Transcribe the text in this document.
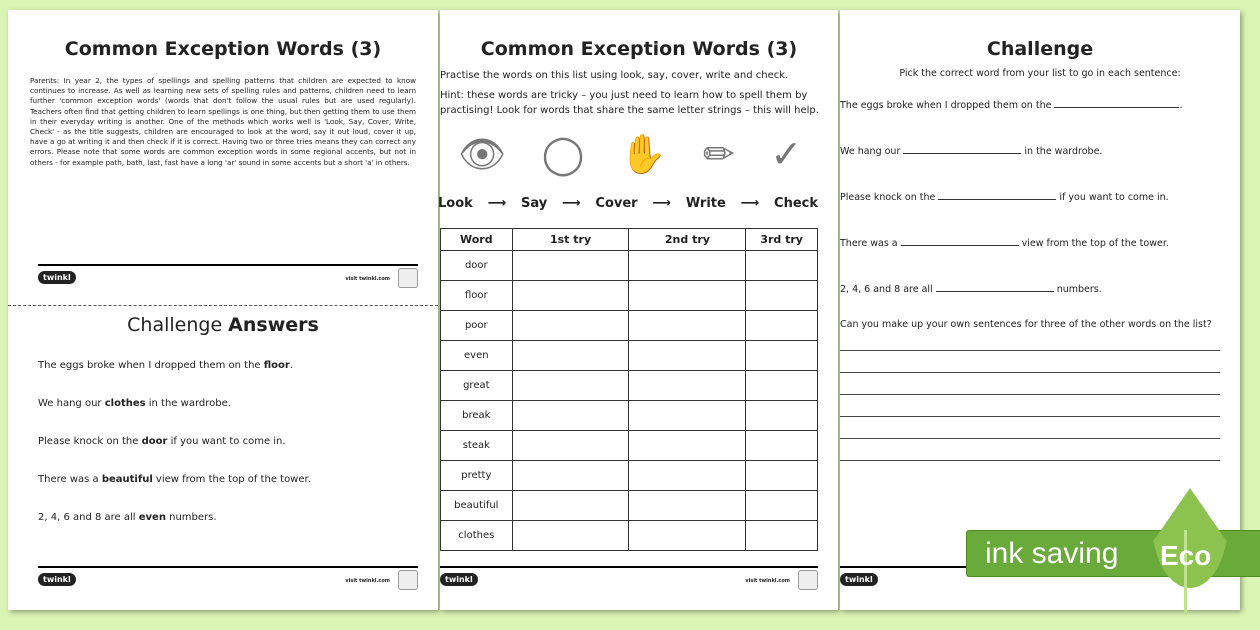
Common Exception Words (3)

Parents: In year 2, the types of spellings and spelling patterns that children are expected to know continues to increase. As well as learning new sets of spelling rules and patterns, children need to learn further 'common exception words' (words that don't follow the usual rules but are used regularly). Teachers often find that getting children to learn spellings is one thing, but then getting them to use them in their everyday writing is another. One of the methods which works well is 'Look, Say, Cover, Write, Check' - as the title suggests, children are encouraged to look at the word, say it out loud, cover it up, have a go at writing it and then check if it is correct. Having two or three tries means they can correct any errors. Please note that some words are common exception words in some regional accents, but not in others - for example path, bath, last, fast have a long 'ar' sound in some accents but a short 'a' in others.

twinkl	visit twinkl.com
Challenge Answers

The eggs broke when I dropped them on the floor.

We hang our clothes in the wardrobe.

Please knock on the door if you want to come in.

There was a beautiful view from the top of the tower.

2, 4, 6 and 8 are all even numbers.

twinkl	visit twinkl.com
Common Exception Words (3)

Practise the words on this list using look, say, cover, write and check.

Hint: these words are tricky – you just need to learn how to spell them by practising! Look for words that share the same letter strings – this will help.

👁 ◯ ✋ ✏ ✓
Look ⟶ Say ⟶ Cover ⟶ Write ⟶ Check
Word	1st try	2nd try	3rd try
door			
floor			
poor			
even			
great			
break			
steak			
pretty			
beautiful			
clothes			
twinkl	visit twinkl.com
Challenge

Pick the correct word from your list to go in each sentence:

The eggs broke when I dropped them on the	.

We hang our	in the wardrobe.

Please knock on the	if you want to come in.

There was a	view from the top of the tower.

2, 4, 6 and 8 are all	numbers.

Can you make up your own sentences for three of the other words on the list?

twinkl
ink saving Eco
